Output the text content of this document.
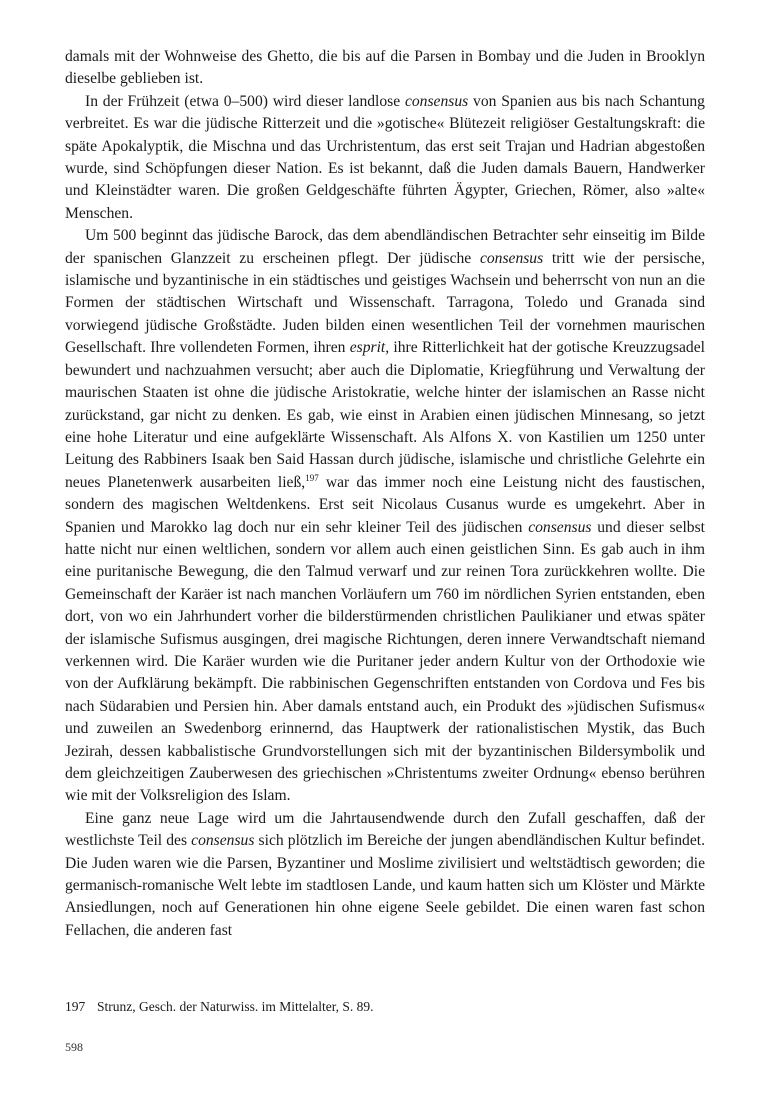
damals mit der Wohnweise des Ghetto, die bis auf die Parsen in Bombay und die Juden in Brooklyn dieselbe geblieben ist.

In der Frühzeit (etwa 0–500) wird dieser landlose consensus von Spanien aus bis nach Schantung verbreitet. Es war die jüdische Ritterzeit und die »gotische« Blütezeit religiöser Gestaltungskraft: die späte Apokalyptik, die Mischna und das Urchristentum, das erst seit Trajan und Hadrian abgestoßen wurde, sind Schöpfungen dieser Nation. Es ist bekannt, daß die Juden damals Bauern, Handwerker und Kleinstädter waren. Die großen Geldgeschäfte führten Ägypter, Griechen, Römer, also »alte« Menschen.

Um 500 beginnt das jüdische Barock, das dem abendländischen Betrachter sehr einseitig im Bilde der spanischen Glanzzeit zu erscheinen pflegt. Der jüdische consensus tritt wie der persische, islamische und byzantinische in ein städtisches und geistiges Wachsein und beherrscht von nun an die Formen der städtischen Wirtschaft und Wissenschaft. Tarragona, Toledo und Granada sind vorwiegend jüdische Großstädte. Juden bilden einen wesentlichen Teil der vornehmen maurischen Gesellschaft. Ihre vollendeten Formen, ihren esprit, ihre Ritterlichkeit hat der gotische Kreuzzugsadel bewundert und nachzuahmen versucht; aber auch die Diplomatie, Kriegführung und Verwaltung der maurischen Staaten ist ohne die jüdische Aristokratie, welche hinter der islamischen an Rasse nicht zurückstand, gar nicht zu denken. Es gab, wie einst in Arabien einen jüdischen Minnesang, so jetzt eine hohe Literatur und eine aufgeklärte Wissenschaft. Als Alfons X. von Kastilien um 1250 unter Leitung des Rabbiners Isaak ben Said Hassan durch jüdische, islamische und christliche Gelehrte ein neues Planetenwerk ausarbeiten ließ,$^{197}$ war das immer noch eine Leistung nicht des faustischen, sondern des magischen Weltdenkens. Erst seit Nicolaus Cusanus wurde es umgekehrt. Aber in Spanien und Marokko lag doch nur ein sehr kleiner Teil des jüdischen consensus und dieser selbst hatte nicht nur einen weltlichen, sondern vor allem auch einen geistlichen Sinn. Es gab auch in ihm eine puritanische Bewegung, die den Talmud verwarf und zur reinen Tora zurückkehren wollte. Die Gemeinschaft der Karäer ist nach manchen Vorläufern um 760 im nördlichen Syrien entstanden, eben dort, von wo ein Jahrhundert vorher die bilderstürmenden christlichen Paulikianer und etwas später der islamische Sufismus ausgingen, drei magische Richtungen, deren innere Verwandtschaft niemand verkennen wird. Die Karäer wurden wie die Puritaner jeder andern Kultur von der Orthodoxie wie von der Aufklärung bekämpft. Die rabbinischen Gegenschriften entstanden von Cordova und Fes bis nach Südarabien und Persien hin. Aber damals entstand auch, ein Produkt des »jüdischen Sufismus« und zuweilen an Swedenborg erinnernd, das Hauptwerk der rationalistischen Mystik, das Buch Jezirah, dessen kabbalistische Grundvorstellungen sich mit der byzantinischen Bildersymbolik und dem gleichzeitigen Zauberwesen des griechischen »Christentums zweiter Ordnung« ebenso berühren wie mit der Volksreligion des Islam.

Eine ganz neue Lage wird um die Jahrtausendwende durch den Zufall geschaffen, daß der westlichste Teil des consensus sich plötzlich im Bereiche der jungen abendländischen Kultur befindet. Die Juden waren wie die Parsen, Byzantiner und Moslime zivilisiert und weltstädtisch geworden; die germanisch-romanische Welt lebte im stadtlosen Lande, und kaum hatten sich um Klöster und Märkte Ansiedlungen, noch auf Generationen hin ohne eigene Seele gebildet. Die einen waren fast schon Fellachen, die anderen fast

197 Strunz, Gesch. der Naturwiss. im Mittelalter, S. 89.
598
